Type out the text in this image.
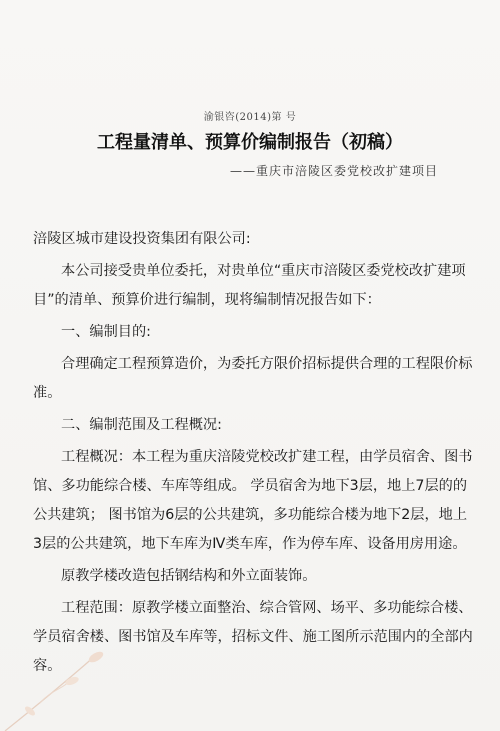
渝银咨(2014)第 号
工程量清单、预算价编制报告（初稿）
——重庆市涪陵区委党校改扩建项目

涪陵区城市建设投资集团有限公司:

本公司接受贵单位委托，对贵单位“重庆市涪陵区委党校改扩建项目”的清单、预算价进行编制，现将编制情况报告如下：

一、编制目的:

合理确定工程预算造价，为委托方限价招标提供合理的工程限价标准。

二、编制范围及工程概况:

工程概况：本工程为重庆涪陵党校改扩建工程，由学员宿舍、图书馆、多功能综合楼、车库等组成。 学员宿舍为地下3层，地上7层的的公共建筑； 图书馆为6层的公共建筑，多功能综合楼为地下2层，地上3层的公共建筑，地下车库为Ⅳ类车库，作为停车库、设备用房用途。

原教学楼改造包括钢结构和外立面装饰。

工程范围：原教学楼立面整治、综合管网、场平、多功能综合楼、学员宿舍楼、图书馆及车库等，招标文件、施工图所示范围内的全部内容。
